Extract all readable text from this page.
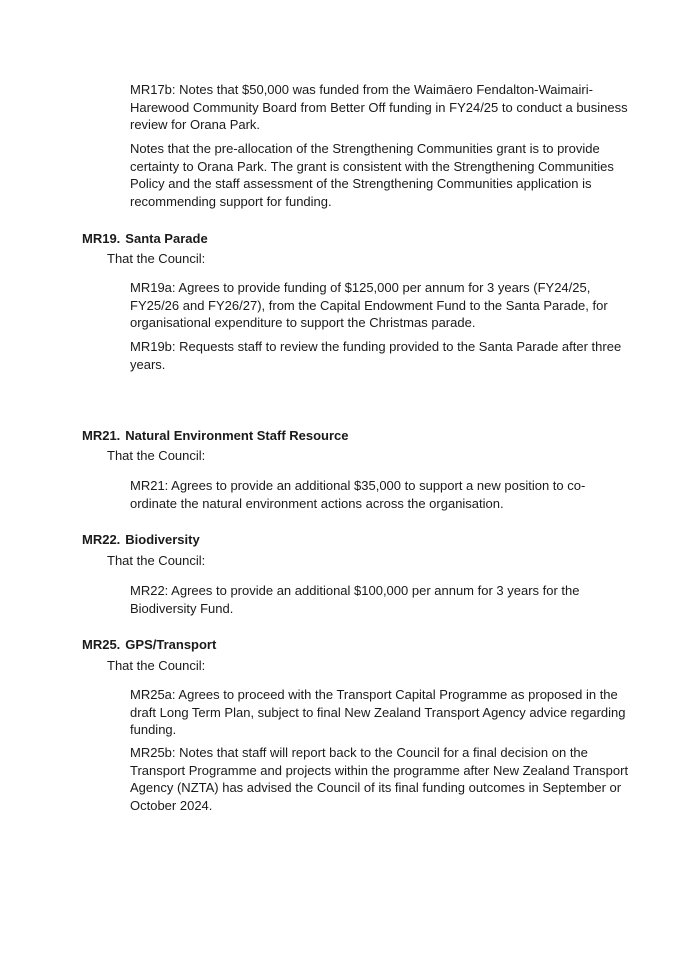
MR17b: Notes that $50,000 was funded from the Waimāero Fendalton-Waimairi-Harewood Community Board from Better Off funding in FY24/25 to conduct a business review for Orana Park.

Notes that the pre-allocation of the Strengthening Communities grant is to provide certainty to Orana Park. The grant is consistent with the Strengthening Communities Policy and the staff assessment of the Strengthening Communities application is recommending support for funding.

MR19. Santa Parade

That the Council:

MR19a: Agrees to provide funding of $125,000 per annum for 3 years (FY24/25, FY25/26 and FY26/27), from the Capital Endowment Fund to the Santa Parade, for organisational expenditure to support the Christmas parade.

MR19b: Requests staff to review the funding provided to the Santa Parade after three years.

MR21. Natural Environment Staff Resource

That the Council:

MR21: Agrees to provide an additional $35,000 to support a new position to co-ordinate the natural environment actions across the organisation.

MR22. Biodiversity

That the Council:

MR22: Agrees to provide an additional $100,000 per annum for 3 years for the Biodiversity Fund.

MR25. GPS/Transport

That the Council:

MR25a: Agrees to proceed with the Transport Capital Programme as proposed in the draft Long Term Plan, subject to final New Zealand Transport Agency advice regarding funding.

MR25b: Notes that staff will report back to the Council for a final decision on the Transport Programme and projects within the programme after New Zealand Transport Agency (NZTA) has advised the Council of its final funding outcomes in September or October 2024.
